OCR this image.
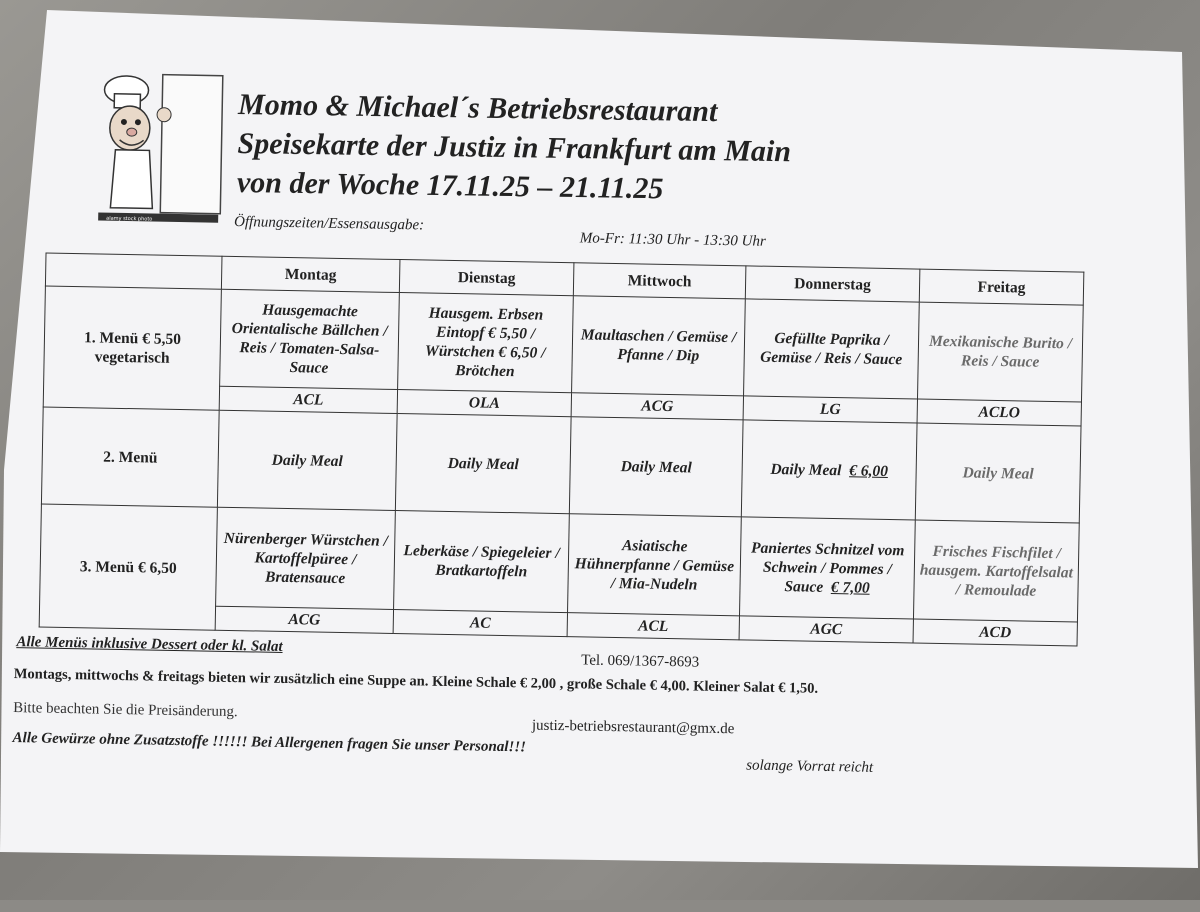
alamy stock photo
Momo & Michael´s Betriebsrestaurant
Speisekarte der Justiz in Frankfurt am Main
von der Woche 17.11.25 – 21.11.25
Öffnungszeiten/Essensausgabe:
Mo-Fr: 11:30 Uhr - 13:30 Uhr
	Montag	Dienstag	Mittwoch	Donnerstag	Freitag

1. Menü € 5,50
vegetarisch	Hausgemachte Orientalische Bällchen / Reis / Tomaten-Salsa-Sauce	Hausgem. Erbsen Eintopf € 5,50 / Würstchen € 6,50 / Brötchen	Maultaschen / Gemüse / Pfanne / Dip	Gefüllte Paprika / Gemüse / Reis / Sauce	Mexikanische Burito / Reis / Sauce
	ACL	OLA	ACG	LG	ACLO
2. Menü	Daily Meal	Daily Meal	Daily Meal	Daily Meal € 6,00	Daily Meal
3. Menü € 6,50	Nürenberger Würstchen / Kartoffelpüree / Bratensauce	Leberkäse / Spiegeleier / Bratkartoffeln	Asiatische Hühnerpfanne / Gemüse / Mia-Nudeln	Paniertes Schnitzel vom Schwein / Pommes / Sauce € 7,00	Frisches Fischfilet / hausgem. Kartoffelsalat / Remoulade
	ACG	AC	ACL	AGC	ACD
Alle Menüs inklusive Dessert oder kl. Salat
Tel. 069/1367-8693
Montags, mittwochs & freitags bieten wir zusätzlich eine Suppe an. Kleine Schale € 2,00 , große Schale € 4,00. Kleiner Salat € 1,50.
Bitte beachten Sie die Preisänderung.
justiz-betriebsrestaurant@gmx.de
Alle Gewürze ohne Zusatzstoffe !!!!!! Bei Allergenen fragen Sie unser Personal!!!
solange Vorrat reicht
